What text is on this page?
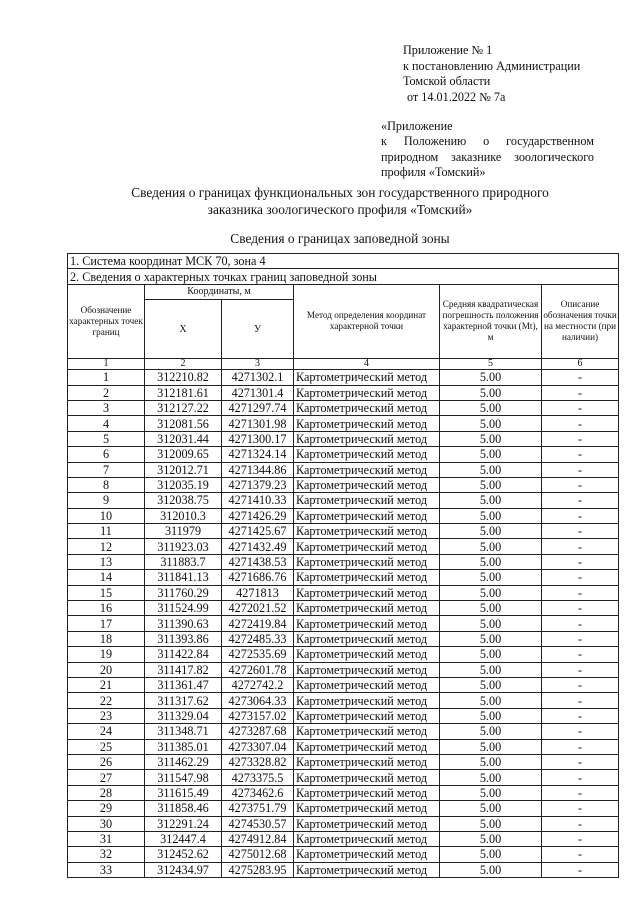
Приложение № 1
к постановлению Администрации
Томской области
от 14.01.2022 № 7а
«Приложение
к Положению о государственном
природном заказнике зоологического
профиля «Томский»
Сведения о границах функциональных зон государственного природного
заказника зоологического профиля «Томский»
Сведения о границах заповедной зоны
1. Система координат МСК 70, зона 4					
2. Сведения о характерных точках границ заповедной зоны					
Обозначение характерных точек границ	Координаты, м		Метод определения координат характерной точки	Средняя квадратическая погрешность положения характерной точки (Mt), м	Описание обозначения точки на местности (при наличии)
	X	У			
1	2	3	4	5	6
1	312210.82	4271302.1	Картометрический метод	5.00	-
2	312181.61	4271301.4	Картометрический метод	5.00	-
3	312127.22	4271297.74	Картометрический метод	5.00	-
4	312081.56	4271301.98	Картометрический метод	5.00	-
5	312031.44	4271300.17	Картометрический метод	5.00	-
6	312009.65	4271324.14	Картометрический метод	5.00	-
7	312012.71	4271344.86	Картометрический метод	5.00	-
8	312035.19	4271379.23	Картометрический метод	5.00	-
9	312038.75	4271410.33	Картометрический метод	5.00	-
10	312010.3	4271426.29	Картометрический метод	5.00	-
11	311979	4271425.67	Картометрический метод	5.00	-
12	311923.03	4271432.49	Картометрический метод	5.00	-
13	311883.7	4271438.53	Картометрический метод	5.00	-
14	311841.13	4271686.76	Картометрический метод	5.00	-
15	311760.29	4271813	Картометрический метод	5.00	-
16	311524.99	4272021.52	Картометрический метод	5.00	-
17	311390.63	4272419.84	Картометрический метод	5.00	-
18	311393.86	4272485.33	Картометрический метод	5.00	-
19	311422.84	4272535.69	Картометрический метод	5.00	-
20	311417.82	4272601.78	Картометрический метод	5.00	-
21	311361.47	4272742.2	Картометрический метод	5.00	-
22	311317.62	4273064.33	Картометрический метод	5.00	-
23	311329.04	4273157.02	Картометрический метод	5.00	-
24	311348.71	4273287.68	Картометрический метод	5.00	-
25	311385.01	4273307.04	Картометрический метод	5.00	-
26	311462.29	4273328.82	Картометрический метод	5.00	-
27	311547.98	4273375.5	Картометрический метод	5.00	-
28	311615.49	4273462.6	Картометрический метод	5.00	-
29	311858.46	4273751.79	Картометрический метод	5.00	-
30	312291.24	4274530.57	Картометрический метод	5.00	-
31	312447.4	4274912.84	Картометрический метод	5.00	-
32	312452.62	4275012.68	Картометрический метод	5.00	-
33	312434.97	4275283.95	Картометрический метод	5.00	-
